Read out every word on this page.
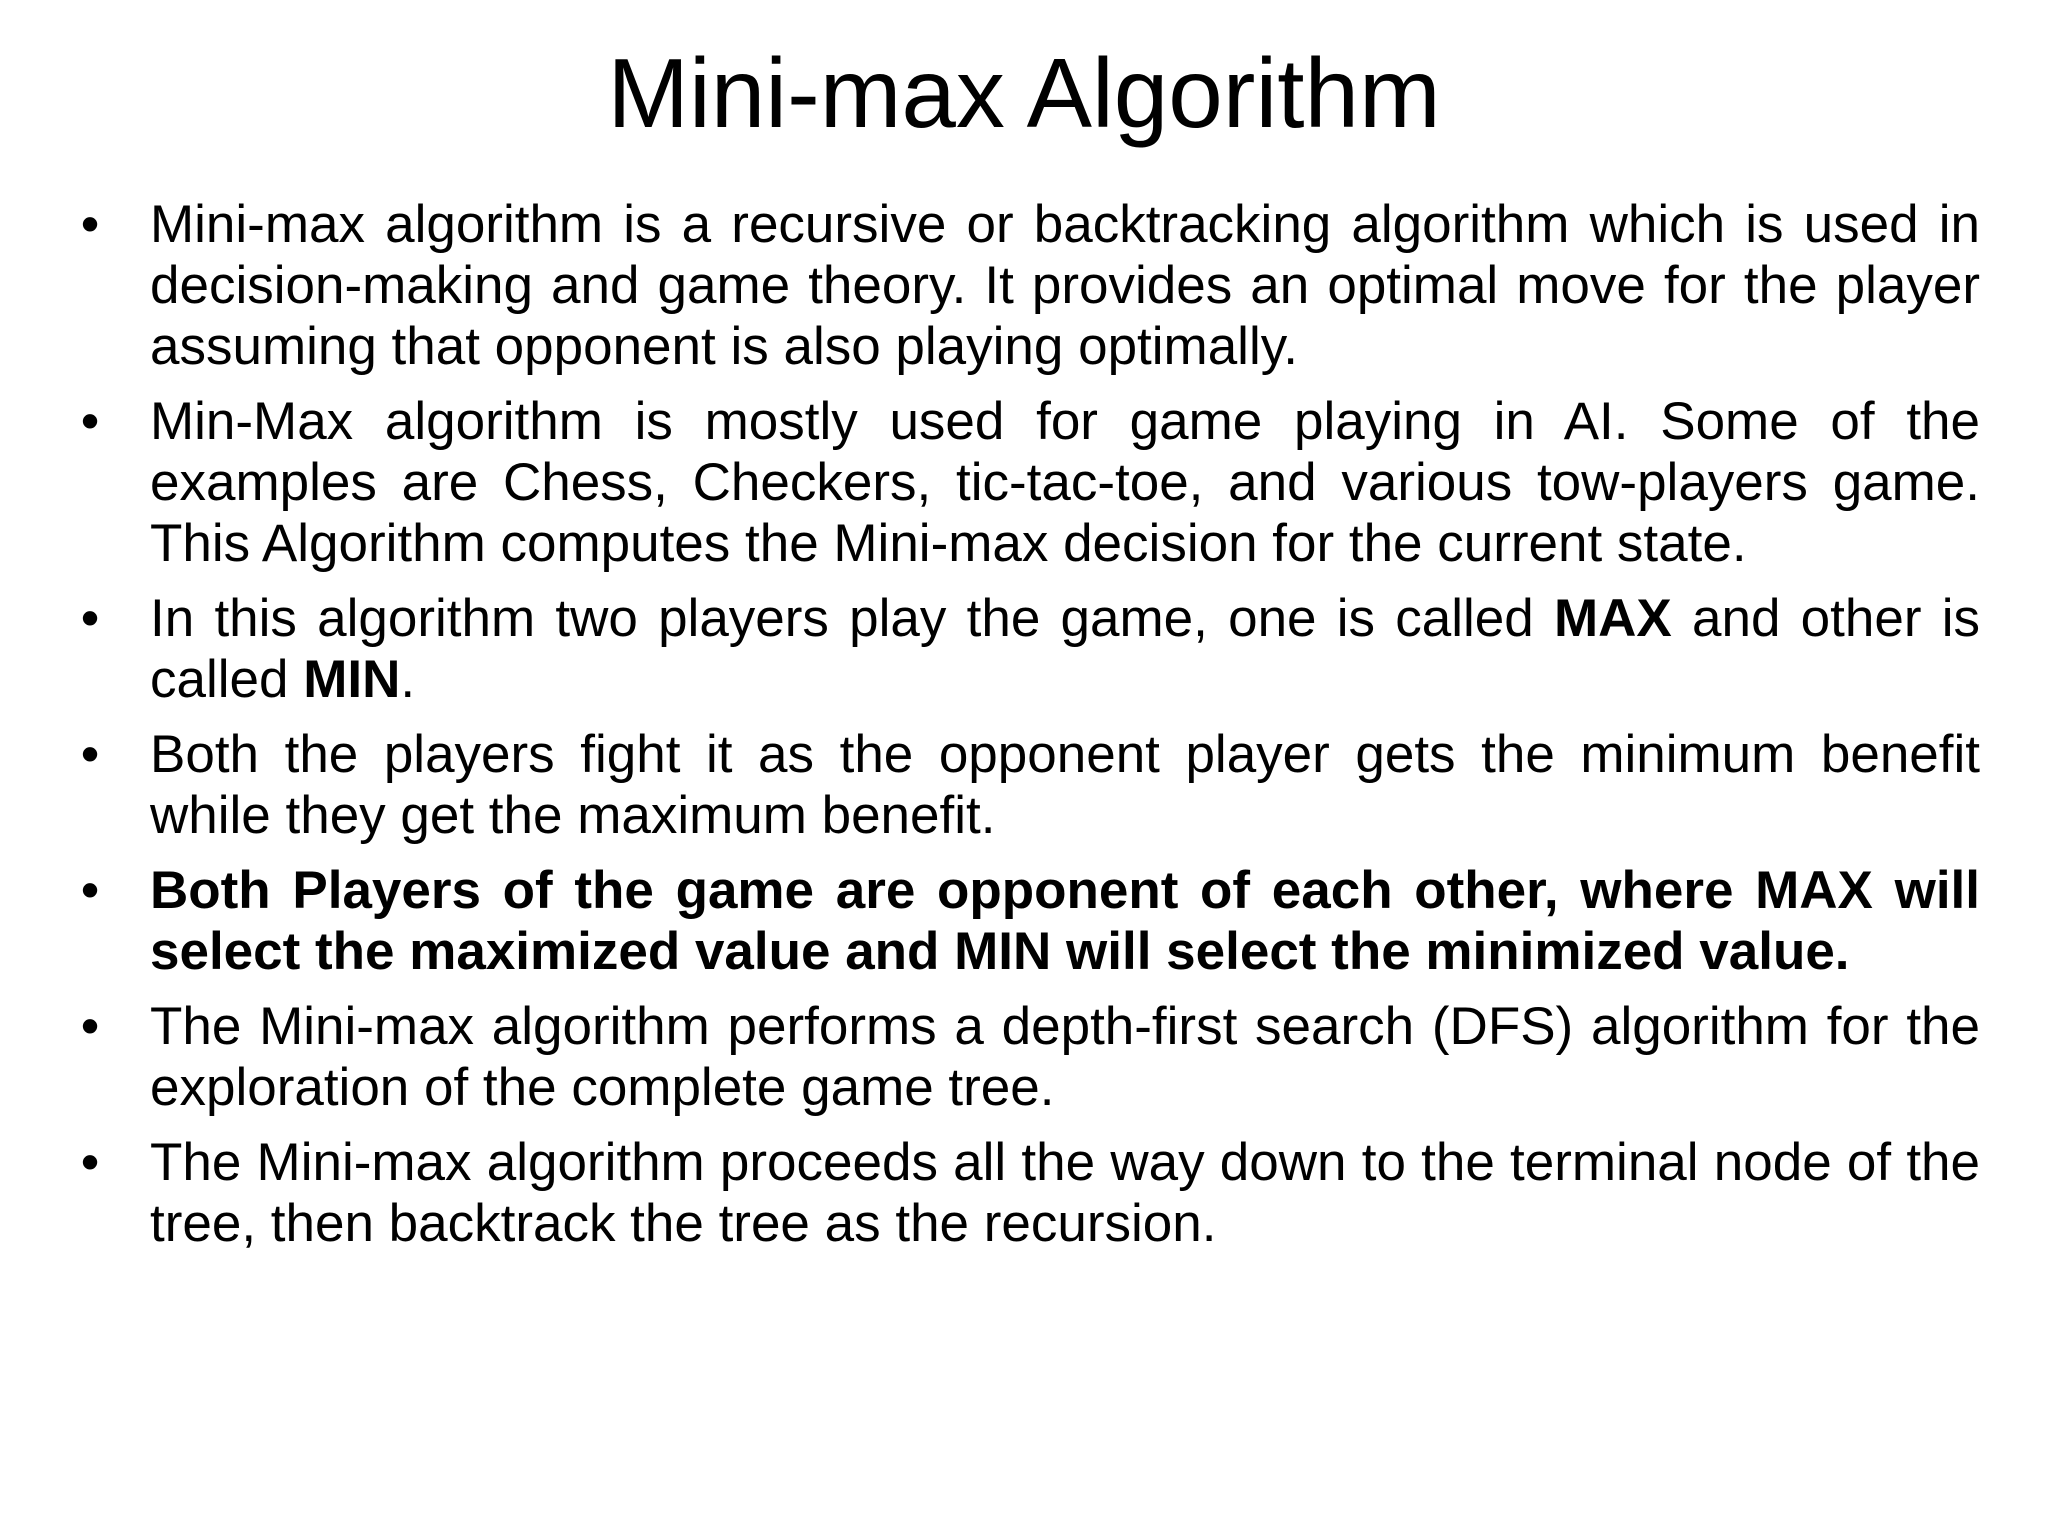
Mini-max Algorithm
• Mini-max algorithm is a recursive or backtracking algorithm which is used in decision-making and game theory. It provides an optimal move for the player assuming that opponent is also playing optimally.
• Min-Max algorithm is mostly used for game playing in AI. Some of the examples are Chess, Checkers, tic-tac-toe, and various tow-players game. This Algorithm computes the Mini-max decision for the current state.
• In this algorithm two players play the game, one is called MAX and other is called MIN.
• Both the players fight it as the opponent player gets the minimum benefit while they get the maximum benefit.
• Both Players of the game are opponent of each other, where MAX will select the maximized value and MIN will select the minimized value.
• The Mini-max algorithm performs a depth-first search (DFS) algorithm for the exploration of the complete game tree.
• The Mini-max algorithm proceeds all the way down to the terminal node of the tree, then backtrack the tree as the recursion.
